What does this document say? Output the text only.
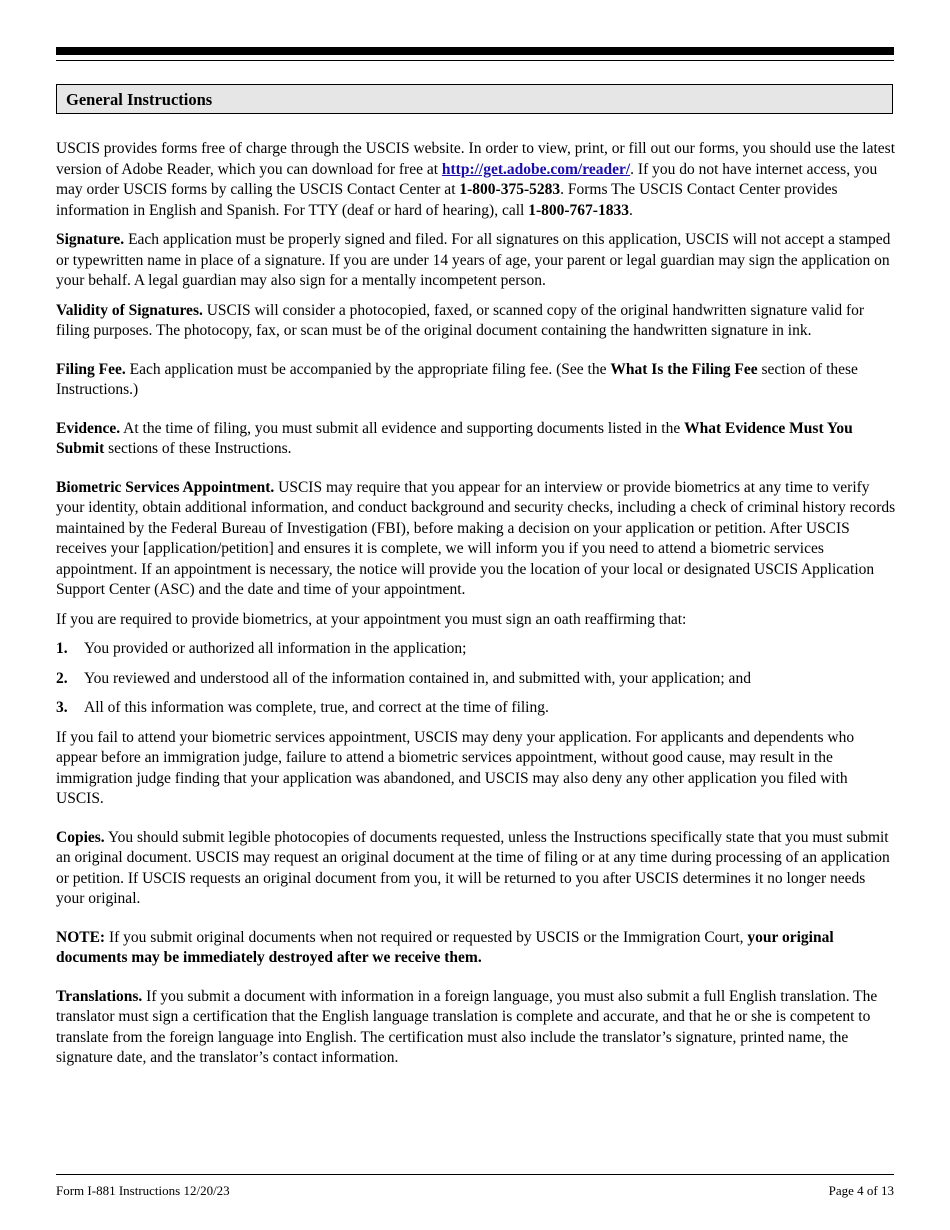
General Instructions

USCIS provides forms free of charge through the USCIS website. In order to view, print, or fill out our forms, you should use the latest version of Adobe Reader, which you can download for free at http://get.adobe.com/reader/. If you do not have internet access, you may order USCIS forms by calling the USCIS Contact Center at 1-800-375-5283. Forms The USCIS Contact Center provides information in English and Spanish. For TTY (deaf or hard of hearing), call 1-800-767-1833.

Signature. Each application must be properly signed and filed. For all signatures on this application, USCIS will not accept a stamped or typewritten name in place of a signature. If you are under 14 years of age, your parent or legal guardian may sign the application on your behalf. A legal guardian may also sign for a mentally incompetent person.

Validity of Signatures. USCIS will consider a photocopied, faxed, or scanned copy of the original handwritten signature valid for filing purposes. The photocopy, fax, or scan must be of the original document containing the handwritten signature in ink.

Filing Fee. Each application must be accompanied by the appropriate filing fee. (See the What Is the Filing Fee section of these Instructions.)

Evidence. At the time of filing, you must submit all evidence and supporting documents listed in the What Evidence Must You Submit sections of these Instructions.

Biometric Services Appointment. USCIS may require that you appear for an interview or provide biometrics at any time to verify your identity, obtain additional information, and conduct background and security checks, including a check of criminal history records maintained by the Federal Bureau of Investigation (FBI), before making a decision on your application or petition. After USCIS receives your [application/petition] and ensures it is complete, we will inform you if you need to attend a biometric services appointment. If an appointment is necessary, the notice will provide you the location of your local or designated USCIS Application Support Center (ASC) and the date and time of your appointment.

If you are required to provide biometrics, at your appointment you must sign an oath reaffirming that:

1.	You provided or authorized all information in the application;
2.	You reviewed and understood all of the information contained in, and submitted with, your application; and
3.	All of this information was complete, true, and correct at the time of filing.

If you fail to attend your biometric services appointment, USCIS may deny your application. For applicants and dependents who appear before an immigration judge, failure to attend a biometric services appointment, without good cause, may result in the immigration judge finding that your application was abandoned, and USCIS may also deny any other application you filed with USCIS.

Copies. You should submit legible photocopies of documents requested, unless the Instructions specifically state that you must submit an original document. USCIS may request an original document at the time of filing or at any time during processing of an application or petition. If USCIS requests an original document from you, it will be returned to you after USCIS determines it no longer needs your original.

NOTE: If you submit original documents when not required or requested by USCIS or the Immigration Court, your original documents may be immediately destroyed after we receive them.

Translations. If you submit a document with information in a foreign language, you must also submit a full English translation. The translator must sign a certification that the English language translation is complete and accurate, and that he or she is competent to translate from the foreign language into English. The certification must also include the translator’s signature, printed name, the signature date, and the translator’s contact information.

Form I-881 Instructions 12/20/23	Page 4 of 13
